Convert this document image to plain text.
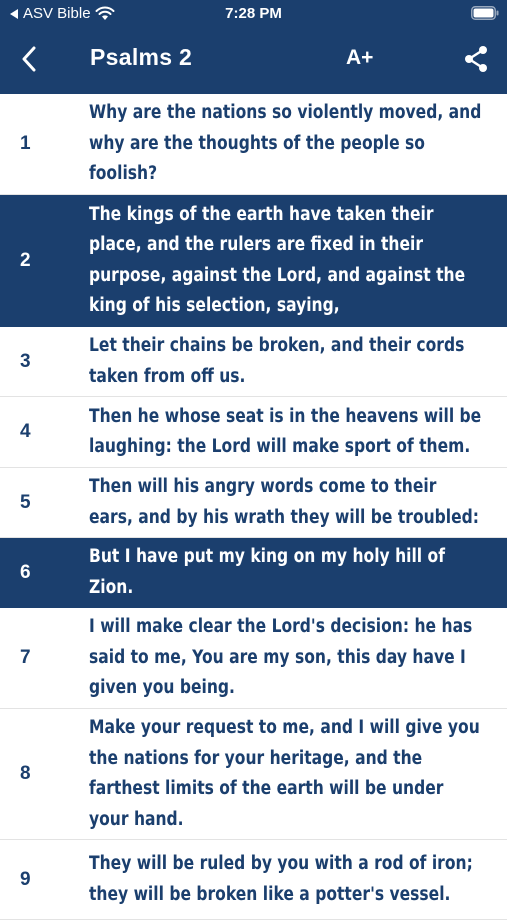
ASV Bible	7:28 PM
Psalms 2	A+
1
Why are the nations so violently moved, and why are the thoughts of the people so foolish?
2
The kings of the earth have taken their place, and the rulers are fixed in their purpose, against the Lord, and against the king of his selection, saying,
3
Let their chains be broken, and their cords taken from off us.
4
Then he whose seat is in the heavens will be laughing: the Lord will make sport of them.
5
Then will his angry words come to their ears, and by his wrath they will be troubled:
6
But I have put my king on my holy hill of Zion.
7
I will make clear the Lord's decision: he has said to me, You are my son, this day have I given you being.
8
Make your request to me, and I will give you the nations for your heritage, and the farthest limits of the earth will be under your hand.
9
They will be ruled by you with a rod of iron; they will be broken like a potter's vessel.
